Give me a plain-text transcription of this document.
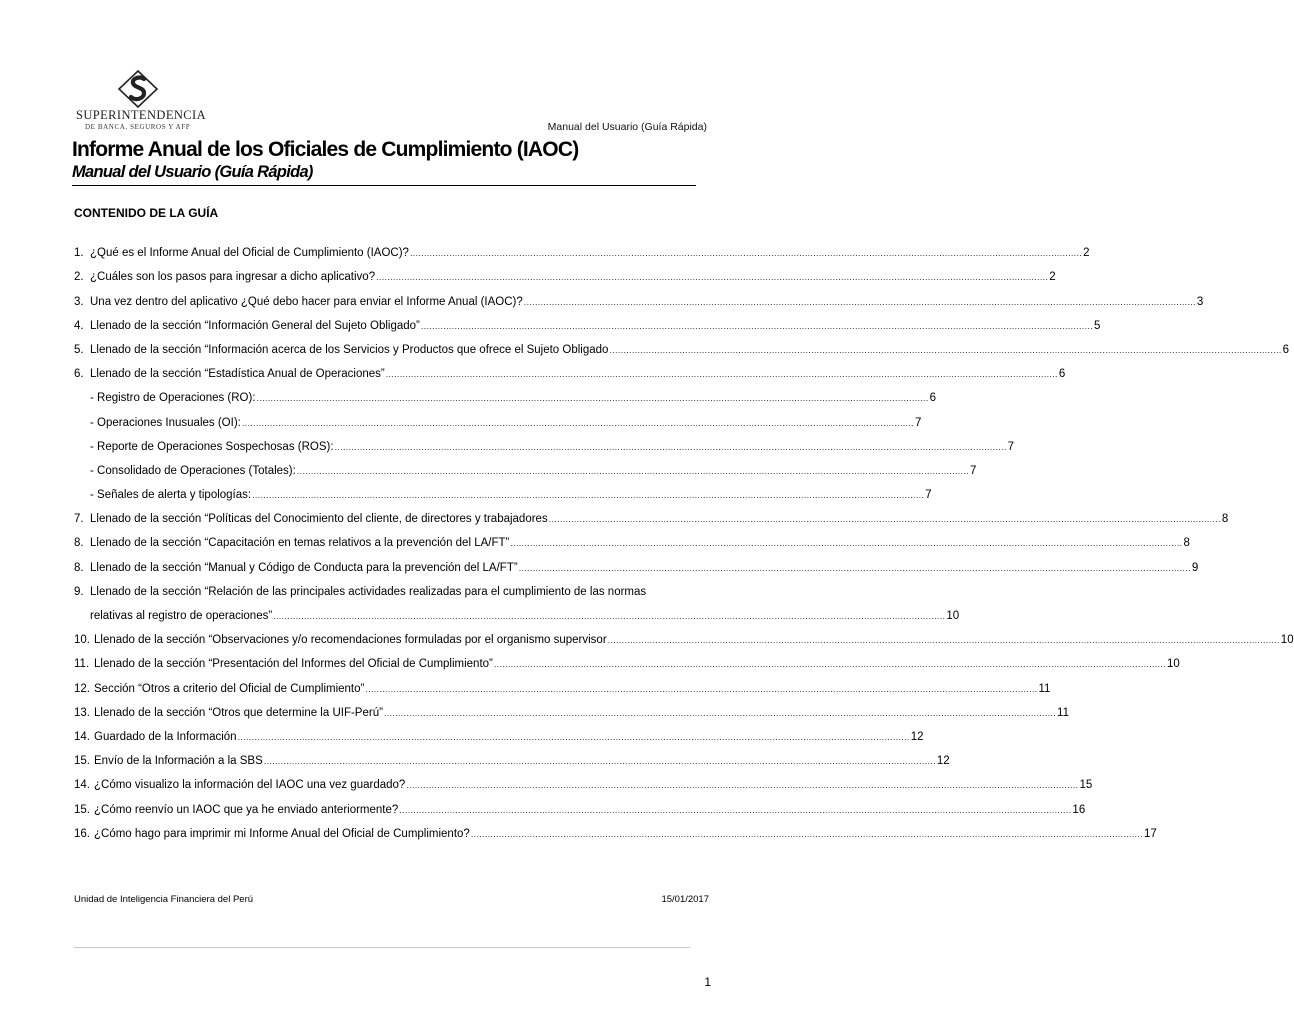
SUPERINTENDENCIA
DE BANCA, SEGUROS Y AFP	Manual del Usuario (Guía Rápida)
Informe Anual de los Oficiales de Cumplimiento (IAOC)
Manual del Usuario (Guía Rápida)
CONTENIDO DE LA GUÍA
1. ¿Qué es el Informe Anual del Oficial de Cumplimiento (IAOC)? .....	2
2. ¿Cuáles son los pasos para ingresar a dicho aplicativo? .....	2
3. Una vez dentro del aplicativo ¿Qué debo hacer para enviar el Informe Anual (IAOC)? .....	3
4. Llenado de la sección “Información General del Sujeto Obligado” .....	5
5. Llenado de la sección “Información acerca de los Servicios y Productos que ofrece el Sujeto Obligado .....	6
6. Llenado de la sección “Estadística Anual de Operaciones” .....	6
- Registro de Operaciones (RO): .....	6
- Operaciones Inusuales (OI): .....	7
- Reporte de Operaciones Sospechosas (ROS): .....	7
- Consolidado de Operaciones (Totales): .....	7
- Señales de alerta y tipologías: .....	7
7. Llenado de la sección “Políticas del Conocimiento del cliente, de directores y trabajadores .....	8
8. Llenado de la sección “Capacitación en temas relativos a la prevención del LA/FT” .....	8
8. Llenado de la sección “Manual y Código de Conducta para la prevención del LA/FT” .....	9
9. Llenado de la sección “Relación de las principales actividades realizadas para el cumplimiento de las normas
relativas al registro de operaciones” .....	10
10. Llenado de la sección “Observaciones y/o recomendaciones formuladas por el organismo supervisor .....	10
11. Llenado de la sección “Presentación del Informes del Oficial de Cumplimiento” .....	10
12. Sección “Otros a criterio del Oficial de Cumplimiento” .....	11
13. Llenado de la sección “Otros que determine la UIF-Perú” .....	11
14. Guardado de la Información .....	12
15. Envío de la Información a la SBS .....	12
14. ¿Cómo visualizo la información del IAOC una vez guardado? .....	15
15. ¿Cómo reenvío un IAOC que ya he enviado anteriormente? .....	16
16. ¿Cómo hago para imprimir mi Informe Anual del Oficial de Cumplimiento? .....	17
Unidad de Inteligencia Financiera del Perú	15/01/2017
1
